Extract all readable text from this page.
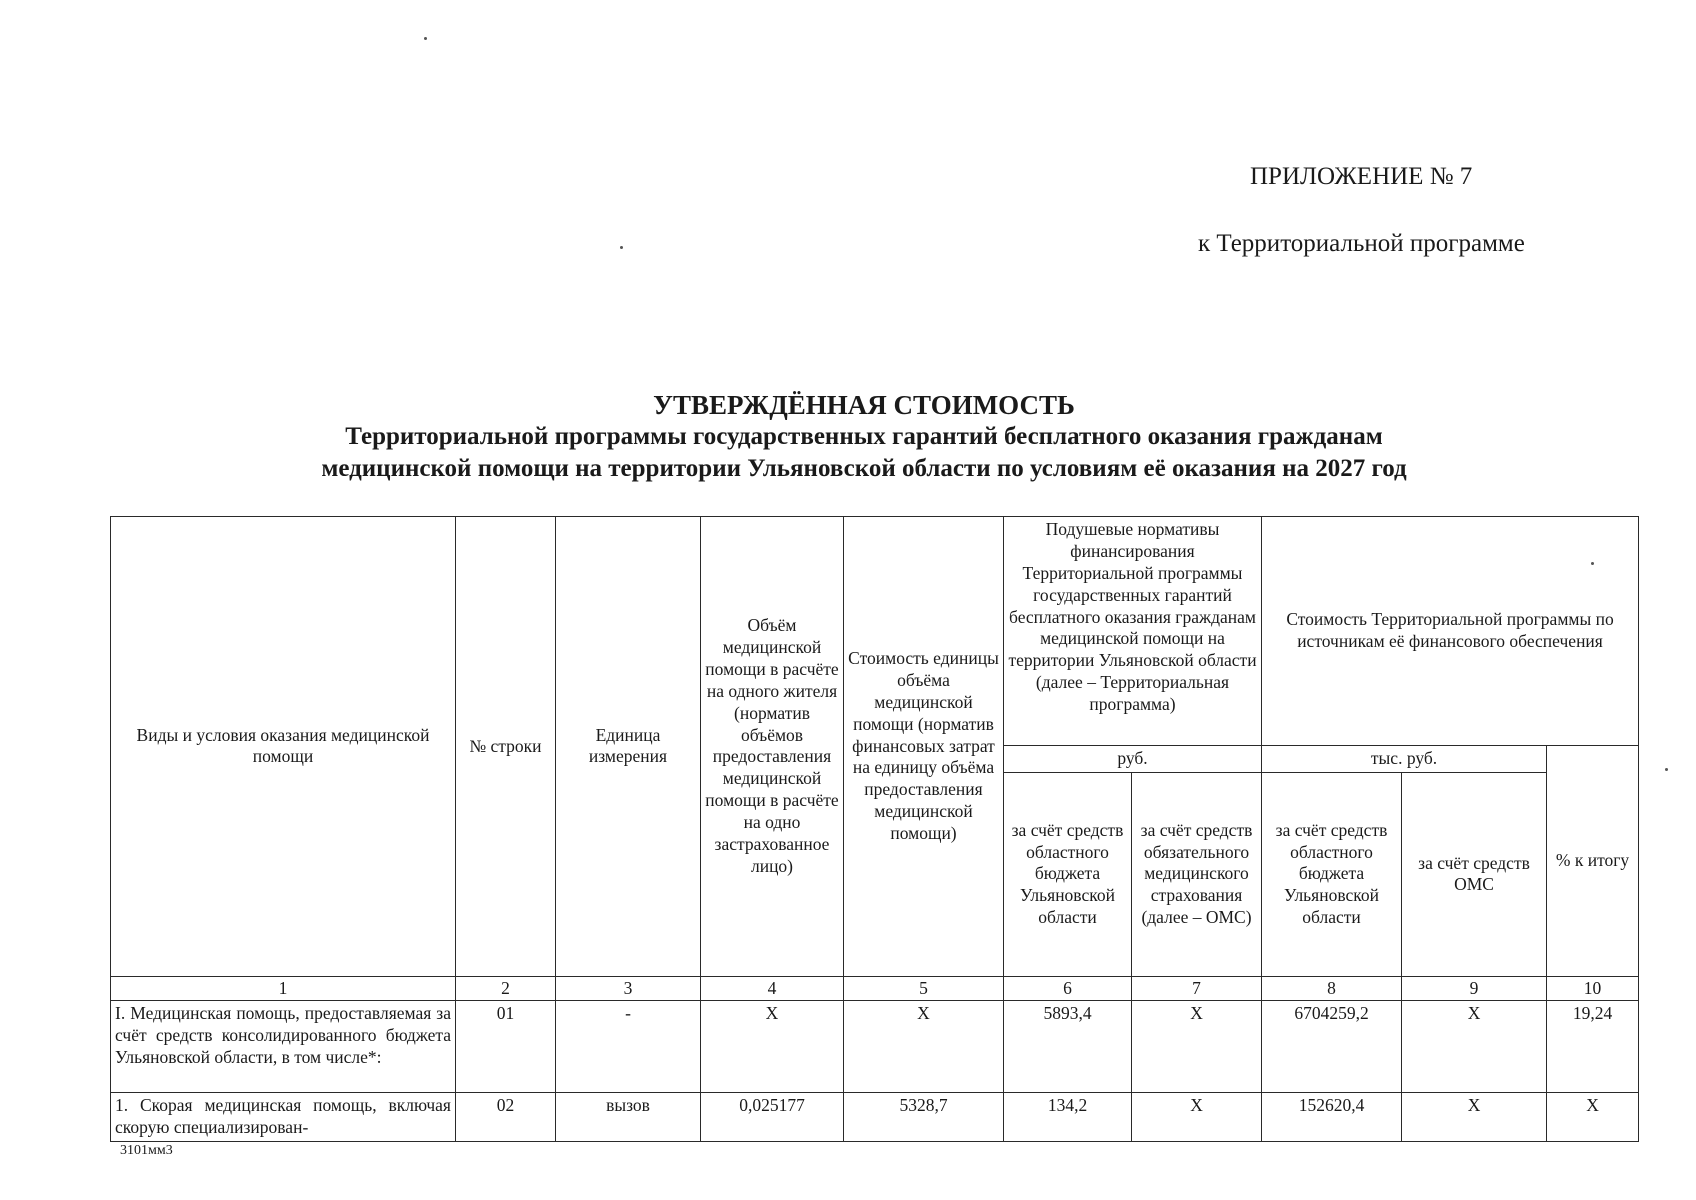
ПРИЛОЖЕНИЕ № 7
к Территориальной программе
УТВЕРЖДЁННАЯ СТОИМОСТЬ
Территориальной программы государственных гарантий бесплатного оказания гражданам
медицинской помощи на территории Ульяновской области по условиям её оказания на 2027 год
Виды и условия оказания медицинской помощи	№ строки	Единица измерения	Объём медицинской помощи в расчёте на одного жителя (норматив объёмов предоставления медицинской помощи в расчёте на одно застрахованное лицо)	Стоимость единицы объёма медицинской помощи (норматив финансовых затрат на единицу объёма предоставления медицинской помощи)	Подушевые нормативы финансирования Территориальной программы государственных гарантий бесплатного оказания гражданам медицинской помощи на территории Ульяновской области (далее – Территориальная программа)		Стоимость Территориальной программы по источникам её финансового обеспечения		
					руб.		тыс. руб.		% к итогу
					за счёт средств областного бюджета Ульяновской области	за счёт средств обязательного медицинского страхования (далее – ОМС)	за счёт средств областного бюджета Ульяновской области	за счёт средств ОМС	
1	2	3	4	5	6	7	8	9	10
I. Медицинская помощь, предоставляемая за счёт средств консолидированного бюджета Ульяновской области, в том числе*:	01	-	X	X	5893,4	X	6704259,2	X	19,24
1. Скорая медицинская помощь, включая скорую специализирован-	02	вызов	0,025177	5328,7	134,2	X	152620,4	X	X
3101мм3
